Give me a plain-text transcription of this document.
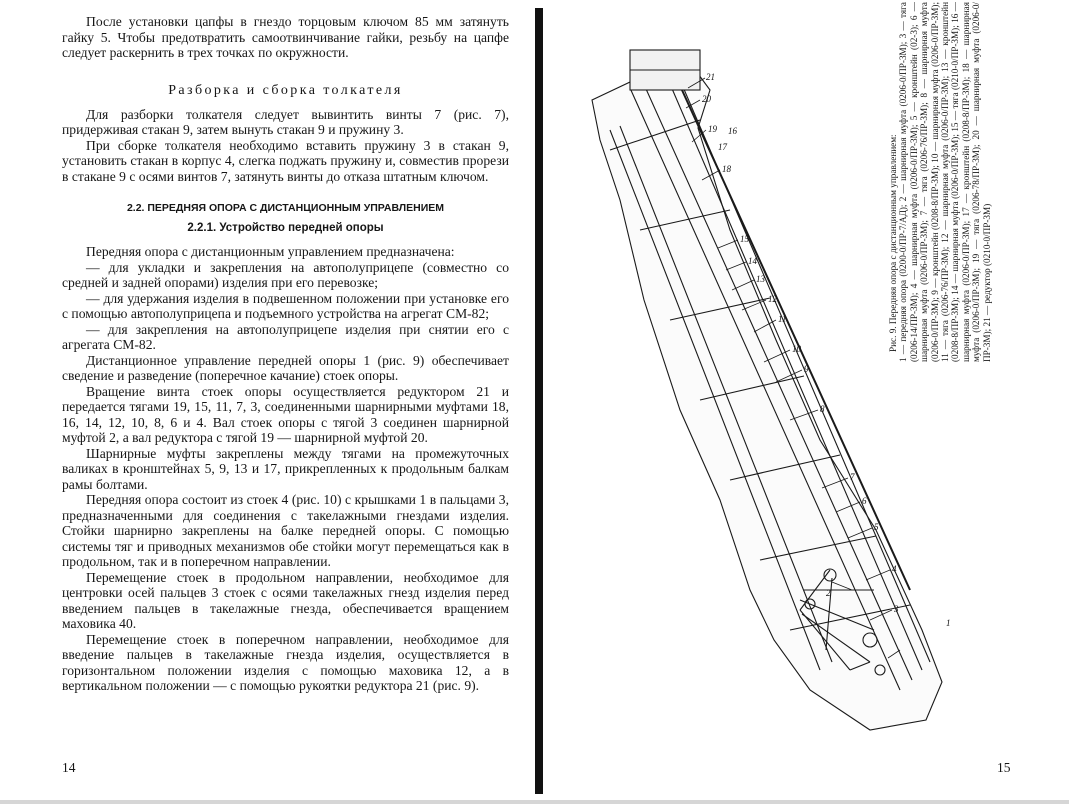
После установки цапфы в гнездо торцовым ключом 85 мм затянуть гайку 5. Чтобы предотвратить самоотвинчивание гайки, резьбу на цапфе следует раскернить в трех точках по окружности.

Разборка и сборка толкателя

Для разборки толкателя следует вывинтить винты 7 (рис. 7), придерживая стакан 9, затем вынуть стакан 9 и пружину 3.

При сборке толкателя необходимо вставить пружину 3 в стакан 9, установить стакан в корпус 4, слегка поджать пружину и, совместив прорези в стакане 9 с осями винтов 7, затянуть винты до отказа штатным ключом.

2.2. ПЕРЕДНЯЯ ОПОРА С ДИСТАНЦИОННЫМ УПРАВЛЕНИЕМ
2.2.1. Устройство передней опоры

Передняя опора с дистанционным управлением предназначена:

— для укладки и закрепления на автополуприцепе (совместно со средней и задней опорами) изделия при его перевозке;

— для удержания изделия в подвешенном положении при установке его с помощью автополуприцепа и подъемного устройства на агрегат СМ-82;

— для закрепления на автополуприцепе изделия при снятии его с агрегата СМ-82.

Дистанционное управление передней опоры 1 (рис. 9) обеспечивает сведение и разведение (поперечное качание) стоек опоры.

Вращение винта стоек опоры осуществляется редуктором 21 и передается тягами 19, 15, 11, 7, 3, соединенными шарнирными муфтами 18, 16, 14, 12, 10, 8, 6 и 4. Вал стоек опоры с тягой 3 соединен шарнирной муфтой 2, а вал редуктора с тягой 19 — шарнирной муфтой 20.

Шарнирные муфты закреплены между тягами на промежуточных валиках в кронштейнах 5, 9, 13 и 17, прикрепленных к продольным балкам рамы болтами.

Передняя опора состоит из стоек 4 (рис. 10) с крышками 1 в пальцами 3, предназначенными для соединения с такелажными гнездами изделия. Стойки шарнирно закреплены на балке передней опоры. С помощью системы тяг и приводных механизмов обе стойки могут перемещаться как в продольном, так и в поперечном направлении.

Перемещение стоек в продольном направлении, необходимое для центровки осей пальцев 3 стоек с осями такелажных гнезд изделия перед введением пальцев в такелажные гнезда, обеспечивается вращением маховика 40.

Перемещение стоек в поперечном направлении, необходимое для введение пальцев в такелажные гнезда изделия, осуществляется в горизонтальном положении изделия с помощью маховика 12, а в вертикальном положении — с помощью рукоятки редуктора 21 (рис. 9).

14
21
20
19
18
17
16
15
14
13
12
11
10
9
8
7
6
5
4
3
2
1

Рис. 9. Передняя опора с дистанционным управлением: 1 — передняя опора (0200-0/ПР-7/АД); 2 — шарнирная муфта (0206-0/ПР-3М); 3 — тяга (0206-14/ПР-3М); 4 — шарнирная муфта (0206-0/ПР-3М); 5 — кронштейн (02-3); 6 — шарнирная муфта (0206-0/ПР-3М); 7 — тяга (0206-76/ПР-3М); 8 — шарнирная муфта (0206-0/ПР-3М); 9 — кронштейн (0208-8/ПР-3М); 10 — шарнирная муфта (0206-0/ПР-3М); 11 — тяга (0206-76/ПР-3М); 12 — шарнирная муфта (0206-0/ПР-3М); 13 — кронштейн (0208-8/ПР-3М); 14 — шарнирная муфта (0206-0/ПР-3М); 15 — тяга (0210-0/ПР-3М); 16 — шарнирная муфта (0206-0/ПР-3М); 17 — кронштейн (0208-8/ПР-3М); 18 — шарнирная муфта (0206-0/ПР-3М); 19 — тяга (0206-78/ПР-3М); 20 — шарнирная муфта (0206-0/ПР-3М); 21 — редуктор (0210-0/ПР-3М)

15
